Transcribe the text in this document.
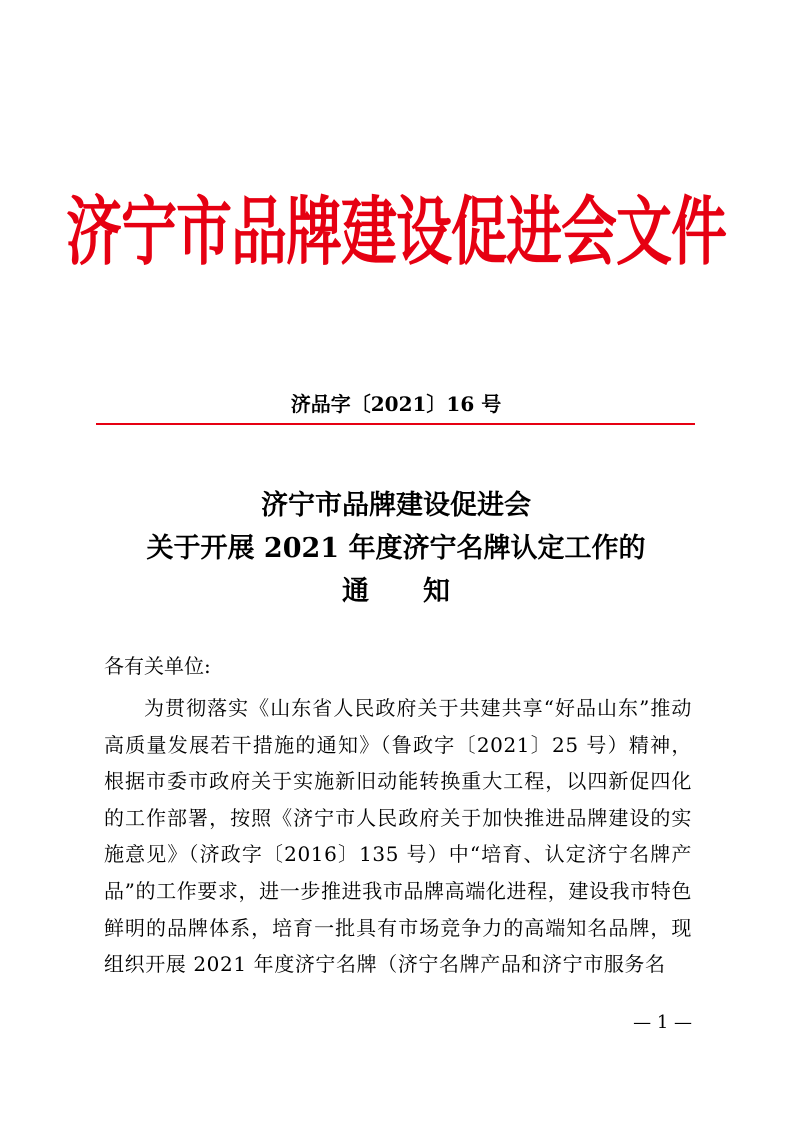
济宁市品牌建设促进会文件
济品字〔2021〕16 号
济宁市品牌建设促进会
关于开展 2021 年度济宁名牌认定工作的
通知
各有关单位:

为贯彻落实《山东省人民政府关于共建共享“好品山东”推动高质量发展若干措施的通知》（鲁政字〔2021〕25 号）精神，根据市委市政府关于实施新旧动能转换重大工程，以四新促四化的工作部署，按照《济宁市人民政府关于加快推进品牌建设的实施意见》（济政字〔2016〕135 号）中“培育、认定济宁名牌产品”的工作要求，进一步推进我市品牌高端化进程，建设我市特色鲜明的品牌体系，培育一批具有市场竞争力的高端知名品牌，现组织开展 2021 年度济宁名牌（济宁名牌产品和济宁市服务名

— 1 —
